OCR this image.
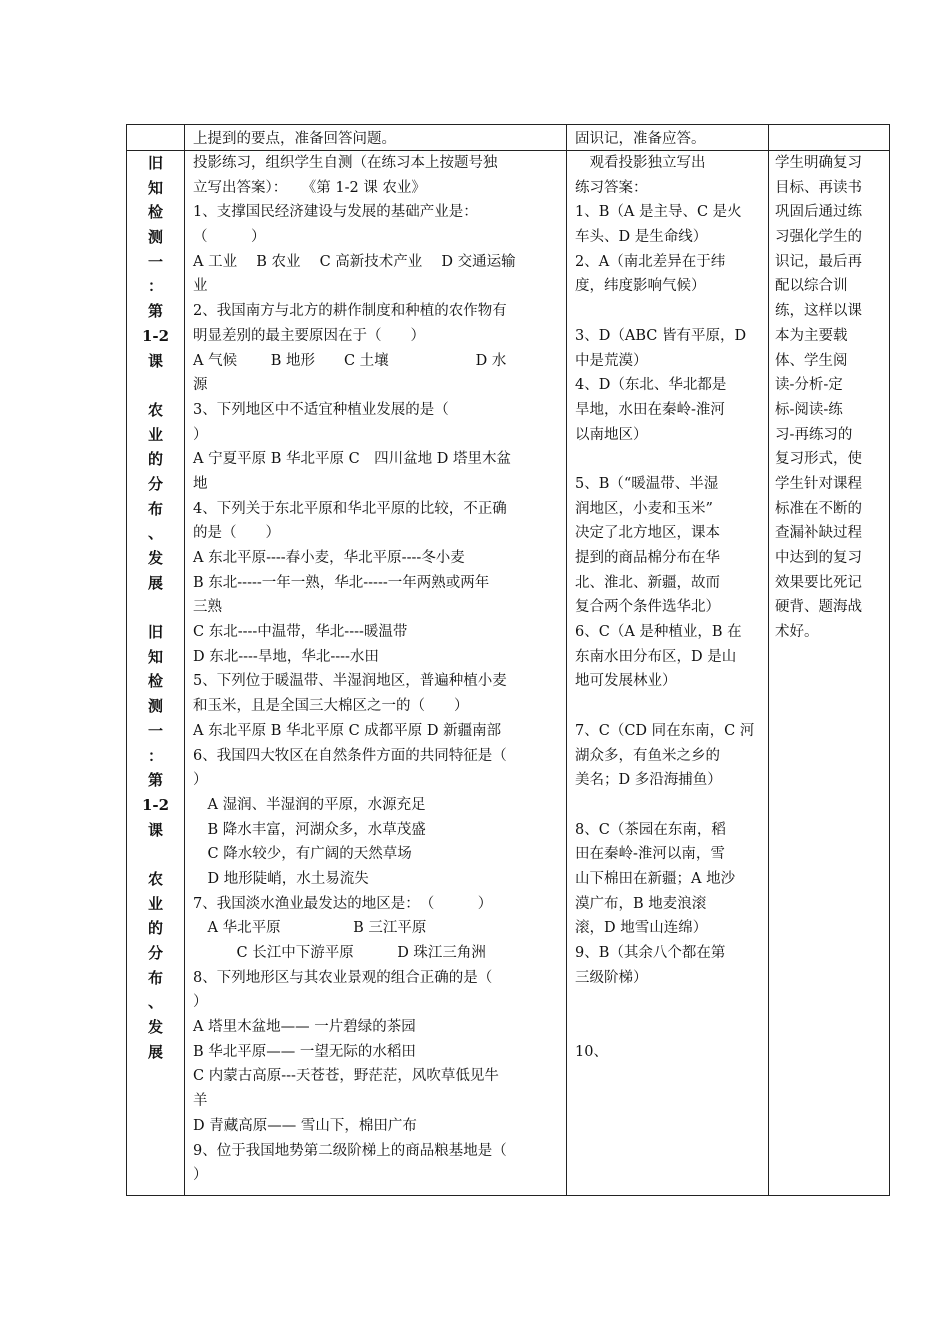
上提到的要点，准备回答问题。	固识记，准备应答。
旧
知
检
测
一
：
第
1-2
课
农
业
的
分
布
、
发
展
旧
知
检
测
一
：
第
1-2
课
农
业
的
分
布
、
发
展
投影练习，组织学生自测（在练习本上按题号独
立写出答案）：　　《第 1-2 课 农业》
1、支撑国民经济建设与发展的基础产业是：
（　　　）
A 工业　 B 农业　 C 高新技术产业　 D 交通运输
业
2、我国南方与北方的耕作制度和种植的农作物有
明显差别的最主要原因在于（　　）
A 气候　　 B 地形　　C 土壤　　　　　　D 水
源
3、下列地区中不适宜种植业发展的是（
）
A 宁夏平原 B 华北平原 C　四川盆地 D 塔里木盆
地
4、下列关于东北平原和华北平原的比较，不正确
的是（　　）
A 东北平原----春小麦，华北平原----冬小麦
B 东北-----一年一熟，华北-----一年两熟或两年
三熟
C 东北----中温带，华北----暖温带
D 东北----旱地，华北----水田
5、下列位于暖温带、半湿润地区，普遍种植小麦
和玉米，且是全国三大棉区之一的（　　）
A 东北平原 B 华北平原 C 成都平原 D 新疆南部
6、我国四大牧区在自然条件方面的共同特征是（
）
　A 湿润、半湿润的平原，水源充足
　B 降水丰富，河湖众多，水草茂盛
　C 降水较少，有广阔的天然草场
　D 地形陡峭，水土易流失
7、我国淡水渔业最发达的地区是：　（　　　）
　A 华北平原　　　　　B 三江平原
　　　C 长江中下游平原　　　D 珠江三角洲
8、下列地形区与其农业景观的组合正确的是（
）
A 塔里木盆地—— 一片碧绿的茶园
B 华北平原—— 一望无际的水稻田
C 内蒙古高原---天苍苍，野茫茫，风吹草低见牛
羊
D 青藏高原—— 雪山下，棉田广布
9、位于我国地势第二级阶梯上的商品粮基地是（
）
　观看投影独立写出
练习答案：
1、B（A 是主导、C 是火
车头、D 是生命线）
2、A（南北差异在于纬
度，纬度影响气候）
3、D（ABC 皆有平原，D
中是荒漠）
4、D（东北、华北都是
旱地，水田在秦岭-淮河
以南地区）
5、B（“暖温带、半湿
润地区，小麦和玉米”
决定了北方地区，课本
提到的商品棉分布在华
北、淮北、新疆，故而
复合两个条件选华北）
6、C（A 是种植业，B 在
东南水田分布区，D 是山
地可发展林业）
7、C（CD 同在东南，C 河
湖众多，有鱼米之乡的
美名；D 多沿海捕鱼）
8、C（茶园在东南，稻
田在秦岭-淮河以南，雪
山下棉田在新疆；A 地沙
漠广布，B 地麦浪滚
滚，D 地雪山连绵）
9、B（其余八个都在第
三级阶梯）
10、
学生明确复习
目标、再读书
巩固后通过练
习强化学生的
识记，最后再
配以综合训
练，这样以课
本为主要载
体、学生阅
读-分析-定
标-阅读-练
习-再练习的
复习形式，使
学生针对课程
标准在不断的
查漏补缺过程
中达到的复习
效果要比死记
硬背、题海战
术好。
